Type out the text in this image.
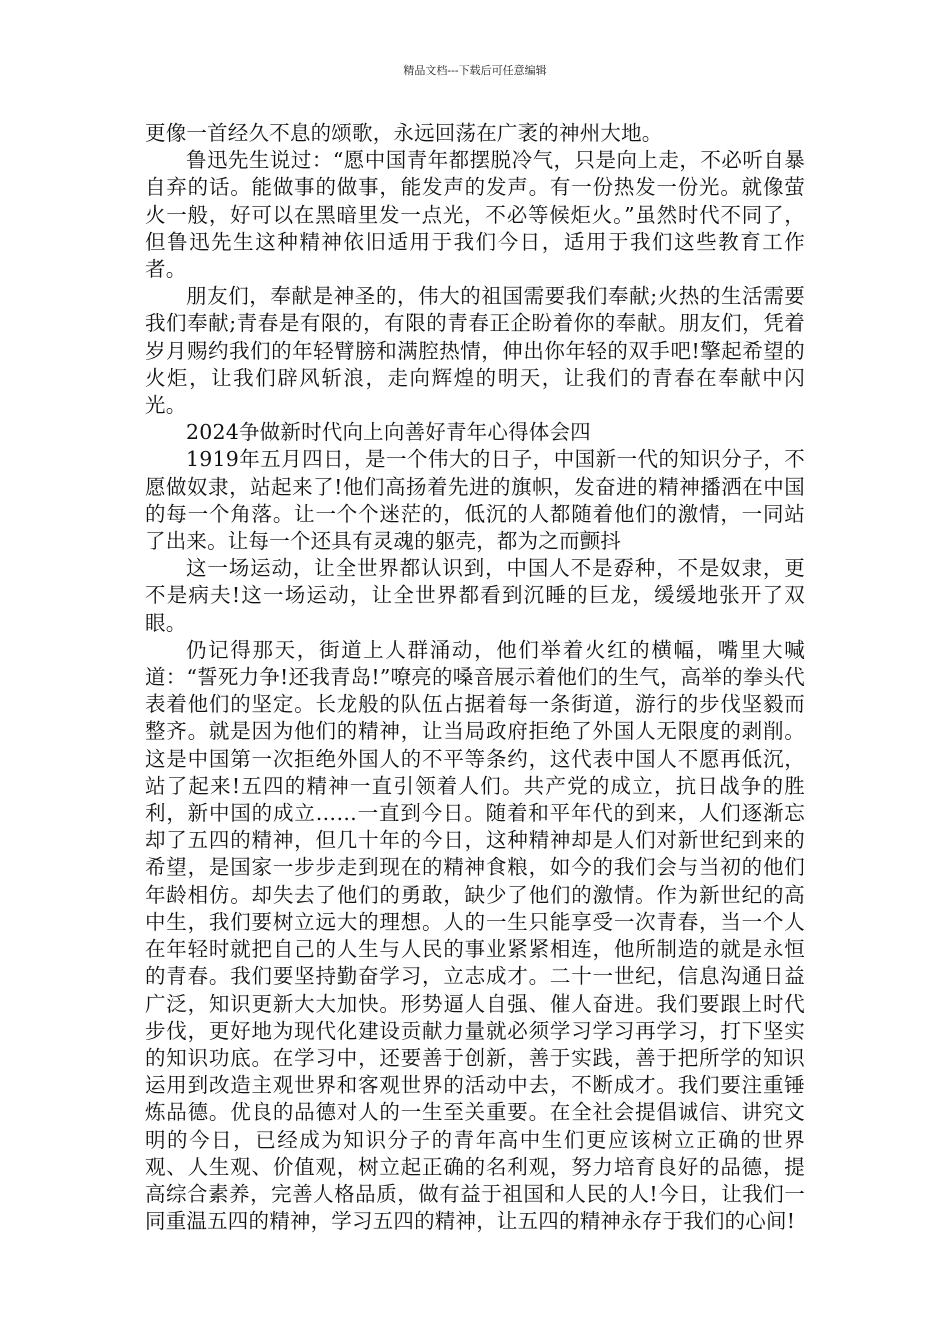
精品文档---下载后可任意编辑

更像一首经久不息的颂歌，永远回荡在广袤的神州大地。

鲁迅先生说过：“愿中国青年都摆脱冷气，只是向上走，不必听自暴自弃的话。能做事的做事，能发声的发声。有一份热发一份光。就像萤火一般，好可以在黑暗里发一点光，不必等候炬火。”虽然时代不同了，但鲁迅先生这种精神依旧适用于我们今日，适用于我们这些教育工作者。

朋友们，奉献是神圣的，伟大的祖国需要我们奉献;火热的生活需要我们奉献;青春是有限的，有限的青春正企盼着你的奉献。朋友们，凭着岁月赐约我们的年轻臂膀和满腔热情，伸出你年轻的双手吧!擎起希望的火炬，让我们辟风斩浪，走向辉煌的明天，让我们的青春在奉献中闪光。

2024争做新时代向上向善好青年心得体会四

1919年五月四日，是一个伟大的日子，中国新一代的知识分子，不愿做奴隶，站起来了!他们高扬着先进的旗帜，发奋进的精神播洒在中国的每一个角落。让一个个迷茫的，低沉的人都随着他们的激情，一同站了出来。让每一个还具有灵魂的躯壳，都为之而颤抖

这一场运动，让全世界都认识到，中国人不是孬种，不是奴隶，更不是病夫!这一场运动，让全世界都看到沉睡的巨龙，缓缓地张开了双眼。

仍记得那天，街道上人群涌动，他们举着火红的横幅，嘴里大喊道：“誓死力争!还我青岛!”嘹亮的嗓音展示着他们的生气，高举的拳头代表着他们的坚定。长龙般的队伍占据着每一条街道，游行的步伐坚毅而整齐。就是因为他们的精神，让当局政府拒绝了外国人无限度的剥削。这是中国第一次拒绝外国人的不平等条约，这代表中国人不愿再低沉，站了起来!五四的精神一直引领着人们。共产党的成立，抗日战争的胜利，新中国的成立……一直到今日。随着和平年代的到来，人们逐渐忘却了五四的精神，但几十年的今日，这种精神却是人们对新世纪到来的希望，是国家一步步走到现在的精神食粮，如今的我们会与当初的他们年龄相仿。却失去了他们的勇敢，缺少了他们的激情。作为新世纪的高中生，我们要树立远大的理想。人的一生只能享受一次青春，当一个人在年轻时就把自己的人生与人民的事业紧紧相连，他所制造的就是永恒的青春。我们要坚持勤奋学习，立志成才。二十一世纪，信息沟通日益广泛，知识更新大大加快。形势逼人自强、催人奋进。我们要跟上时代步伐，更好地为现代化建设贡献力量就必须学习学习再学习，打下坚实的知识功底。在学习中，还要善于创新，善于实践，善于把所学的知识运用到改造主观世界和客观世界的活动中去，不断成才。我们要注重锤炼品德。优良的品德对人的一生至关重要。在全社会提倡诚信、讲究文明的今日，已经成为知识分子的青年高中生们更应该树立正确的世界观、人生观、价值观，树立起正确的名利观，努力培育良好的品德，提高综合素养，完善人格品质，做有益于祖国和人民的人!今日，让我们一同重温五四的精神，学习五四的精神，让五四的精神永存于我们的心间!
